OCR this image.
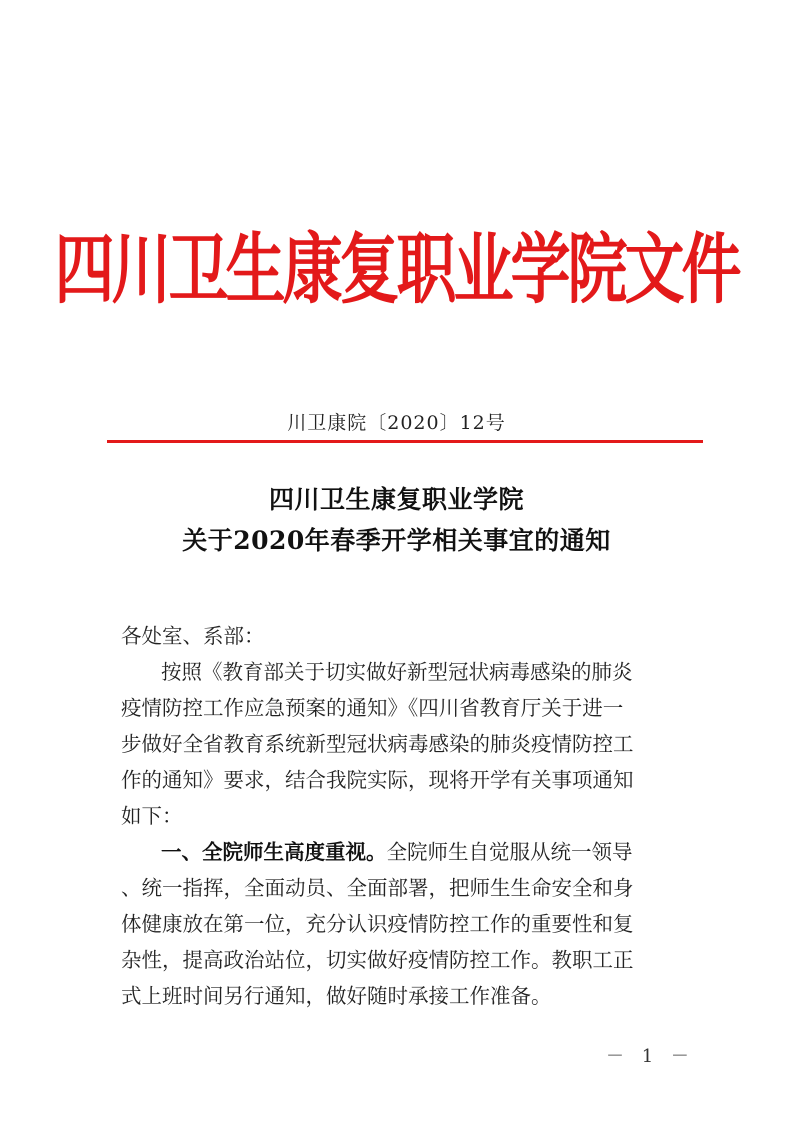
四川卫生康复职业学院文件
川卫康院〔2020〕12号
四川卫生康复职业学院
关于2020年春季开学相关事宜的通知
各处室、系部：
按照《教育部关于切实做好新型冠状病毒感染的肺炎
疫情防控工作应急预案的通知》《四川省教育厅关于进一
步做好全省教育系统新型冠状病毒感染的肺炎疫情防控工
作的通知》要求，结合我院实际，现将开学有关事项通知
如下：
一、全院师生高度重视。全院师生自觉服从统一领导
、统一指挥，全面动员、全面部署，把师生生命安全和身
体健康放在第一位，充分认识疫情防控工作的重要性和复
杂性，提高政治站位，切实做好疫情防控工作。教职工正
式上班时间另行通知，做好随时承接工作准备。
－ 1 －
